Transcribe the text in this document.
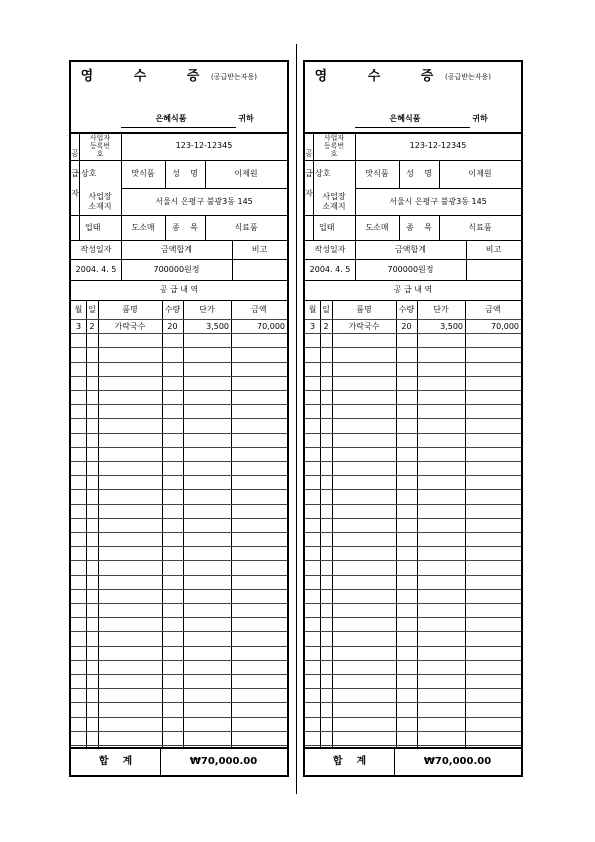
영 수 증
(공급받는자용)
은혜식품	귀하
공
급
자
사업자
등록번
호
123-12-12345
상호	맛식품	성    명	이제원
사업장
소재지
서울시 은평구 불광3동 145
업태	도소매	종    목	식료품
작성일자	금액합계	비고
2004. 4. 5	700000원정
공 급 내 역
월 일	품명	수량	단가	금액
3	2	가락국수	20	3,500	70,000
합    계	₩70,000.00
영 수 증
(공급받는자용)
은혜식품	귀하
공
급
자
사업자
등록번
호
123-12-12345
상호	맛식품	성    명	이제원
사업장
소재지
서울시 은평구 불광3동 145
업태	도소매	종    목	식료품
작성일자	금액합계	비고
2004. 4. 5	700000원정
공 급 내 역
월 일	품명	수량	단가	금액
3	2	가락국수	20	3,500	70,000
합    계	₩70,000.00
